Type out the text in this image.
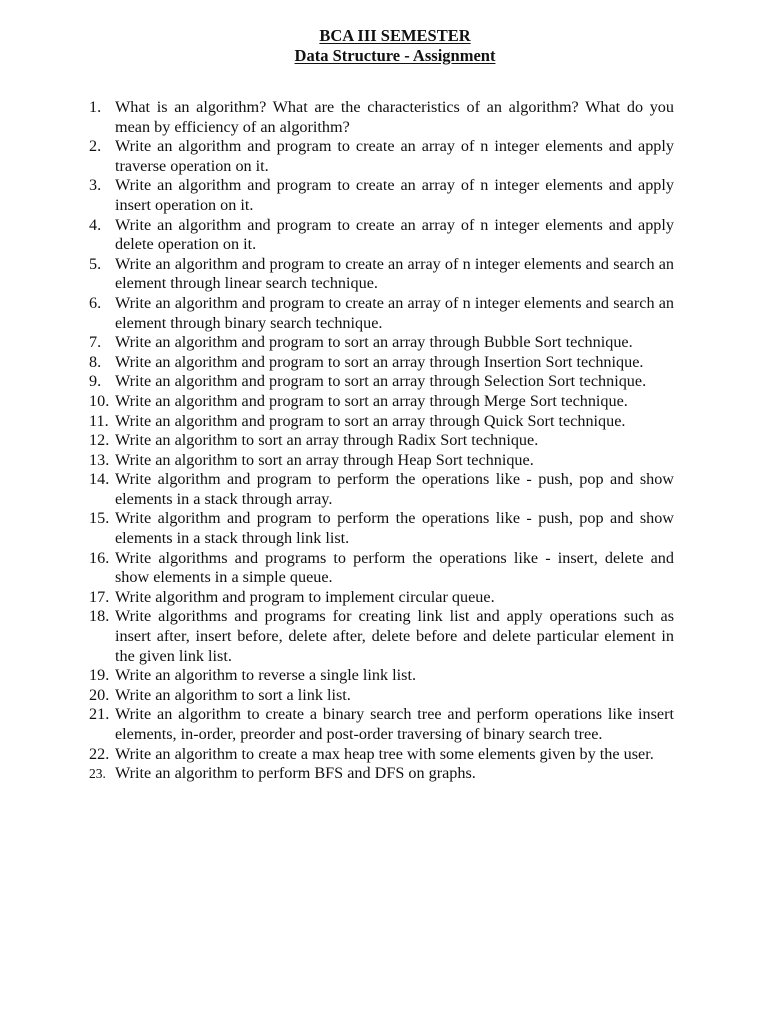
BCA III SEMESTER
Data Structure - Assignment
1. What is an algorithm? What are the characteristics of an algorithm? What do you mean by efficiency of an algorithm?
2. Write an algorithm and program to create an array of n integer elements and apply traverse operation on it.
3. Write an algorithm and program to create an array of n integer elements and apply insert operation on it.
4. Write an algorithm and program to create an array of n integer elements and apply delete operation on it.
5. Write an algorithm and program to create an array of n integer elements and search an element through linear search technique.
6. Write an algorithm and program to create an array of n integer elements and search an element through binary search technique.
7. Write an algorithm and program to sort an array through Bubble Sort technique.
8. Write an algorithm and program to sort an array through Insertion Sort technique.
9. Write an algorithm and program to sort an array through Selection Sort technique.
10. Write an algorithm and program to sort an array through Merge Sort technique.
11. Write an algorithm and program to sort an array through Quick Sort technique.
12. Write an algorithm to sort an array through Radix Sort technique.
13. Write an algorithm to sort an array through Heap Sort technique.
14. Write algorithm and program to perform the operations like - push, pop and show elements in a stack through array.
15. Write algorithm and program to perform the operations like - push, pop and show elements in a stack through link list.
16. Write algorithms and programs to perform the operations like - insert, delete and show elements in a simple queue.
17. Write algorithm and program to implement circular queue.
18. Write algorithms and programs for creating link list and apply operations such as insert after, insert before, delete after, delete before and delete particular element in the given link list.
19. Write an algorithm to reverse a single link list.
20. Write an algorithm to sort a link list.
21. Write an algorithm to create a binary search tree and perform operations like insert elements, in-order, preorder and post-order traversing of binary search tree.
22. Write an algorithm to create a max heap tree with some elements given by the user.
23. Write an algorithm to perform BFS and DFS on graphs.
